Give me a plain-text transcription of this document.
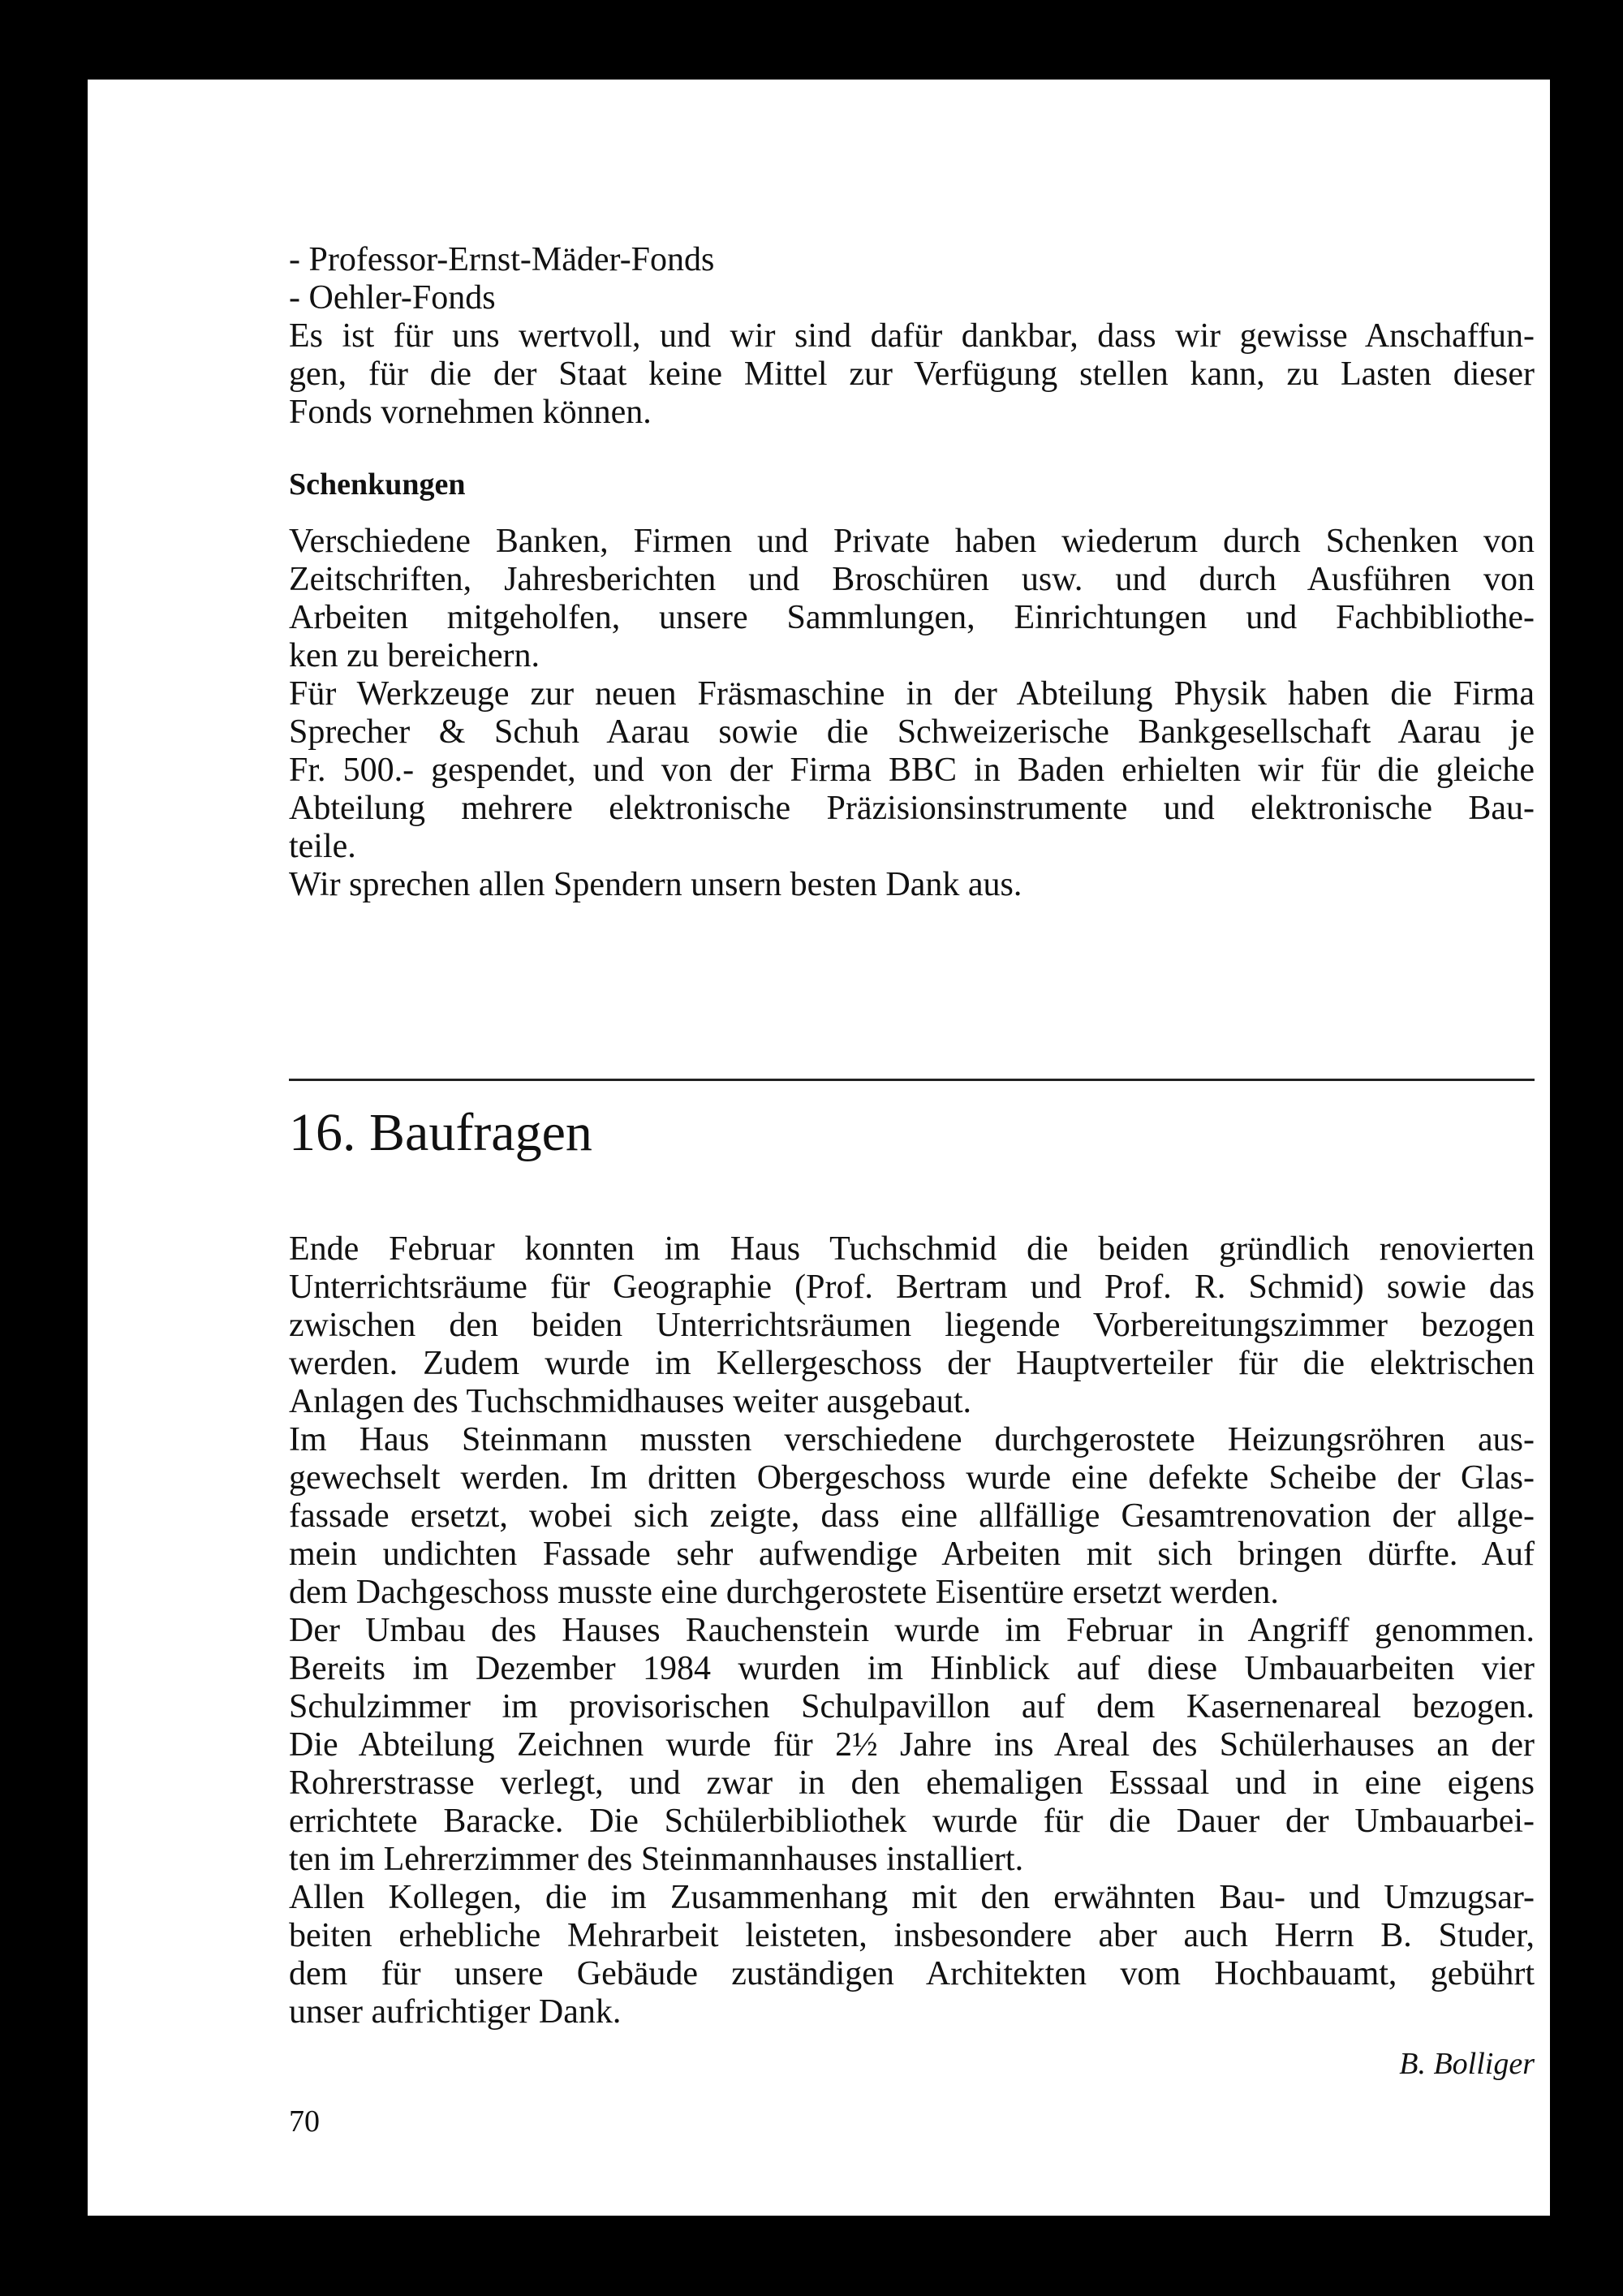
- Professor-Ernst-Mäder-Fonds
- Oehler-Fonds
Es ist für uns wertvoll, und wir sind dafür dankbar, dass wir gewisse Anschaffun-
gen, für die der Staat keine Mittel zur Verfügung stellen kann, zu Lasten dieser
Fonds vornehmen können.
Schenkungen
Verschiedene Banken, Firmen und Private haben wiederum durch Schenken von
Zeitschriften, Jahresberichten und Broschüren usw. und durch Ausführen von
Arbeiten mitgeholfen, unsere Sammlungen, Einrichtungen und Fachbibliothe-
ken zu bereichern.
Für Werkzeuge zur neuen Fräsmaschine in der Abteilung Physik haben die Firma
Sprecher & Schuh Aarau sowie die Schweizerische Bankgesellschaft Aarau je
Fr. 500.- gespendet, und von der Firma BBC in Baden erhielten wir für die gleiche
Abteilung mehrere elektronische Präzisionsinstrumente und elektronische Bau-
teile.
Wir sprechen allen Spendern unsern besten Dank aus.
16. Baufragen
Ende Februar konnten im Haus Tuchschmid die beiden gründlich renovierten
Unterrichtsräume für Geographie (Prof. Bertram und Prof. R. Schmid) sowie das
zwischen den beiden Unterrichtsräumen liegende Vorbereitungszimmer bezogen
werden. Zudem wurde im Kellergeschoss der Hauptverteiler für die elektrischen
Anlagen des Tuchschmidhauses weiter ausgebaut.
Im Haus Steinmann mussten verschiedene durchgerostete Heizungsröhren aus-
gewechselt werden. Im dritten Obergeschoss wurde eine defekte Scheibe der Glas-
fassade ersetzt, wobei sich zeigte, dass eine allfällige Gesamtrenovation der allge-
mein undichten Fassade sehr aufwendige Arbeiten mit sich bringen dürfte. Auf
dem Dachgeschoss musste eine durchgerostete Eisentüre ersetzt werden.
Der Umbau des Hauses Rauchenstein wurde im Februar in Angriff genommen.
Bereits im Dezember 1984 wurden im Hinblick auf diese Umbauarbeiten vier
Schulzimmer im provisorischen Schulpavillon auf dem Kasernenareal bezogen.
Die Abteilung Zeichnen wurde für 2½ Jahre ins Areal des Schülerhauses an der
Rohrerstrasse verlegt, und zwar in den ehemaligen Esssaal und in eine eigens
errichtete Baracke. Die Schülerbibliothek wurde für die Dauer der Umbauarbei-
ten im Lehrerzimmer des Steinmannhauses installiert.
Allen Kollegen, die im Zusammenhang mit den erwähnten Bau- und Umzugsar-
beiten erhebliche Mehrarbeit leisteten, insbesondere aber auch Herrn B. Studer,
dem für unsere Gebäude zuständigen Architekten vom Hochbauamt, gebührt
unser aufrichtiger Dank.
B. Bolliger
70
